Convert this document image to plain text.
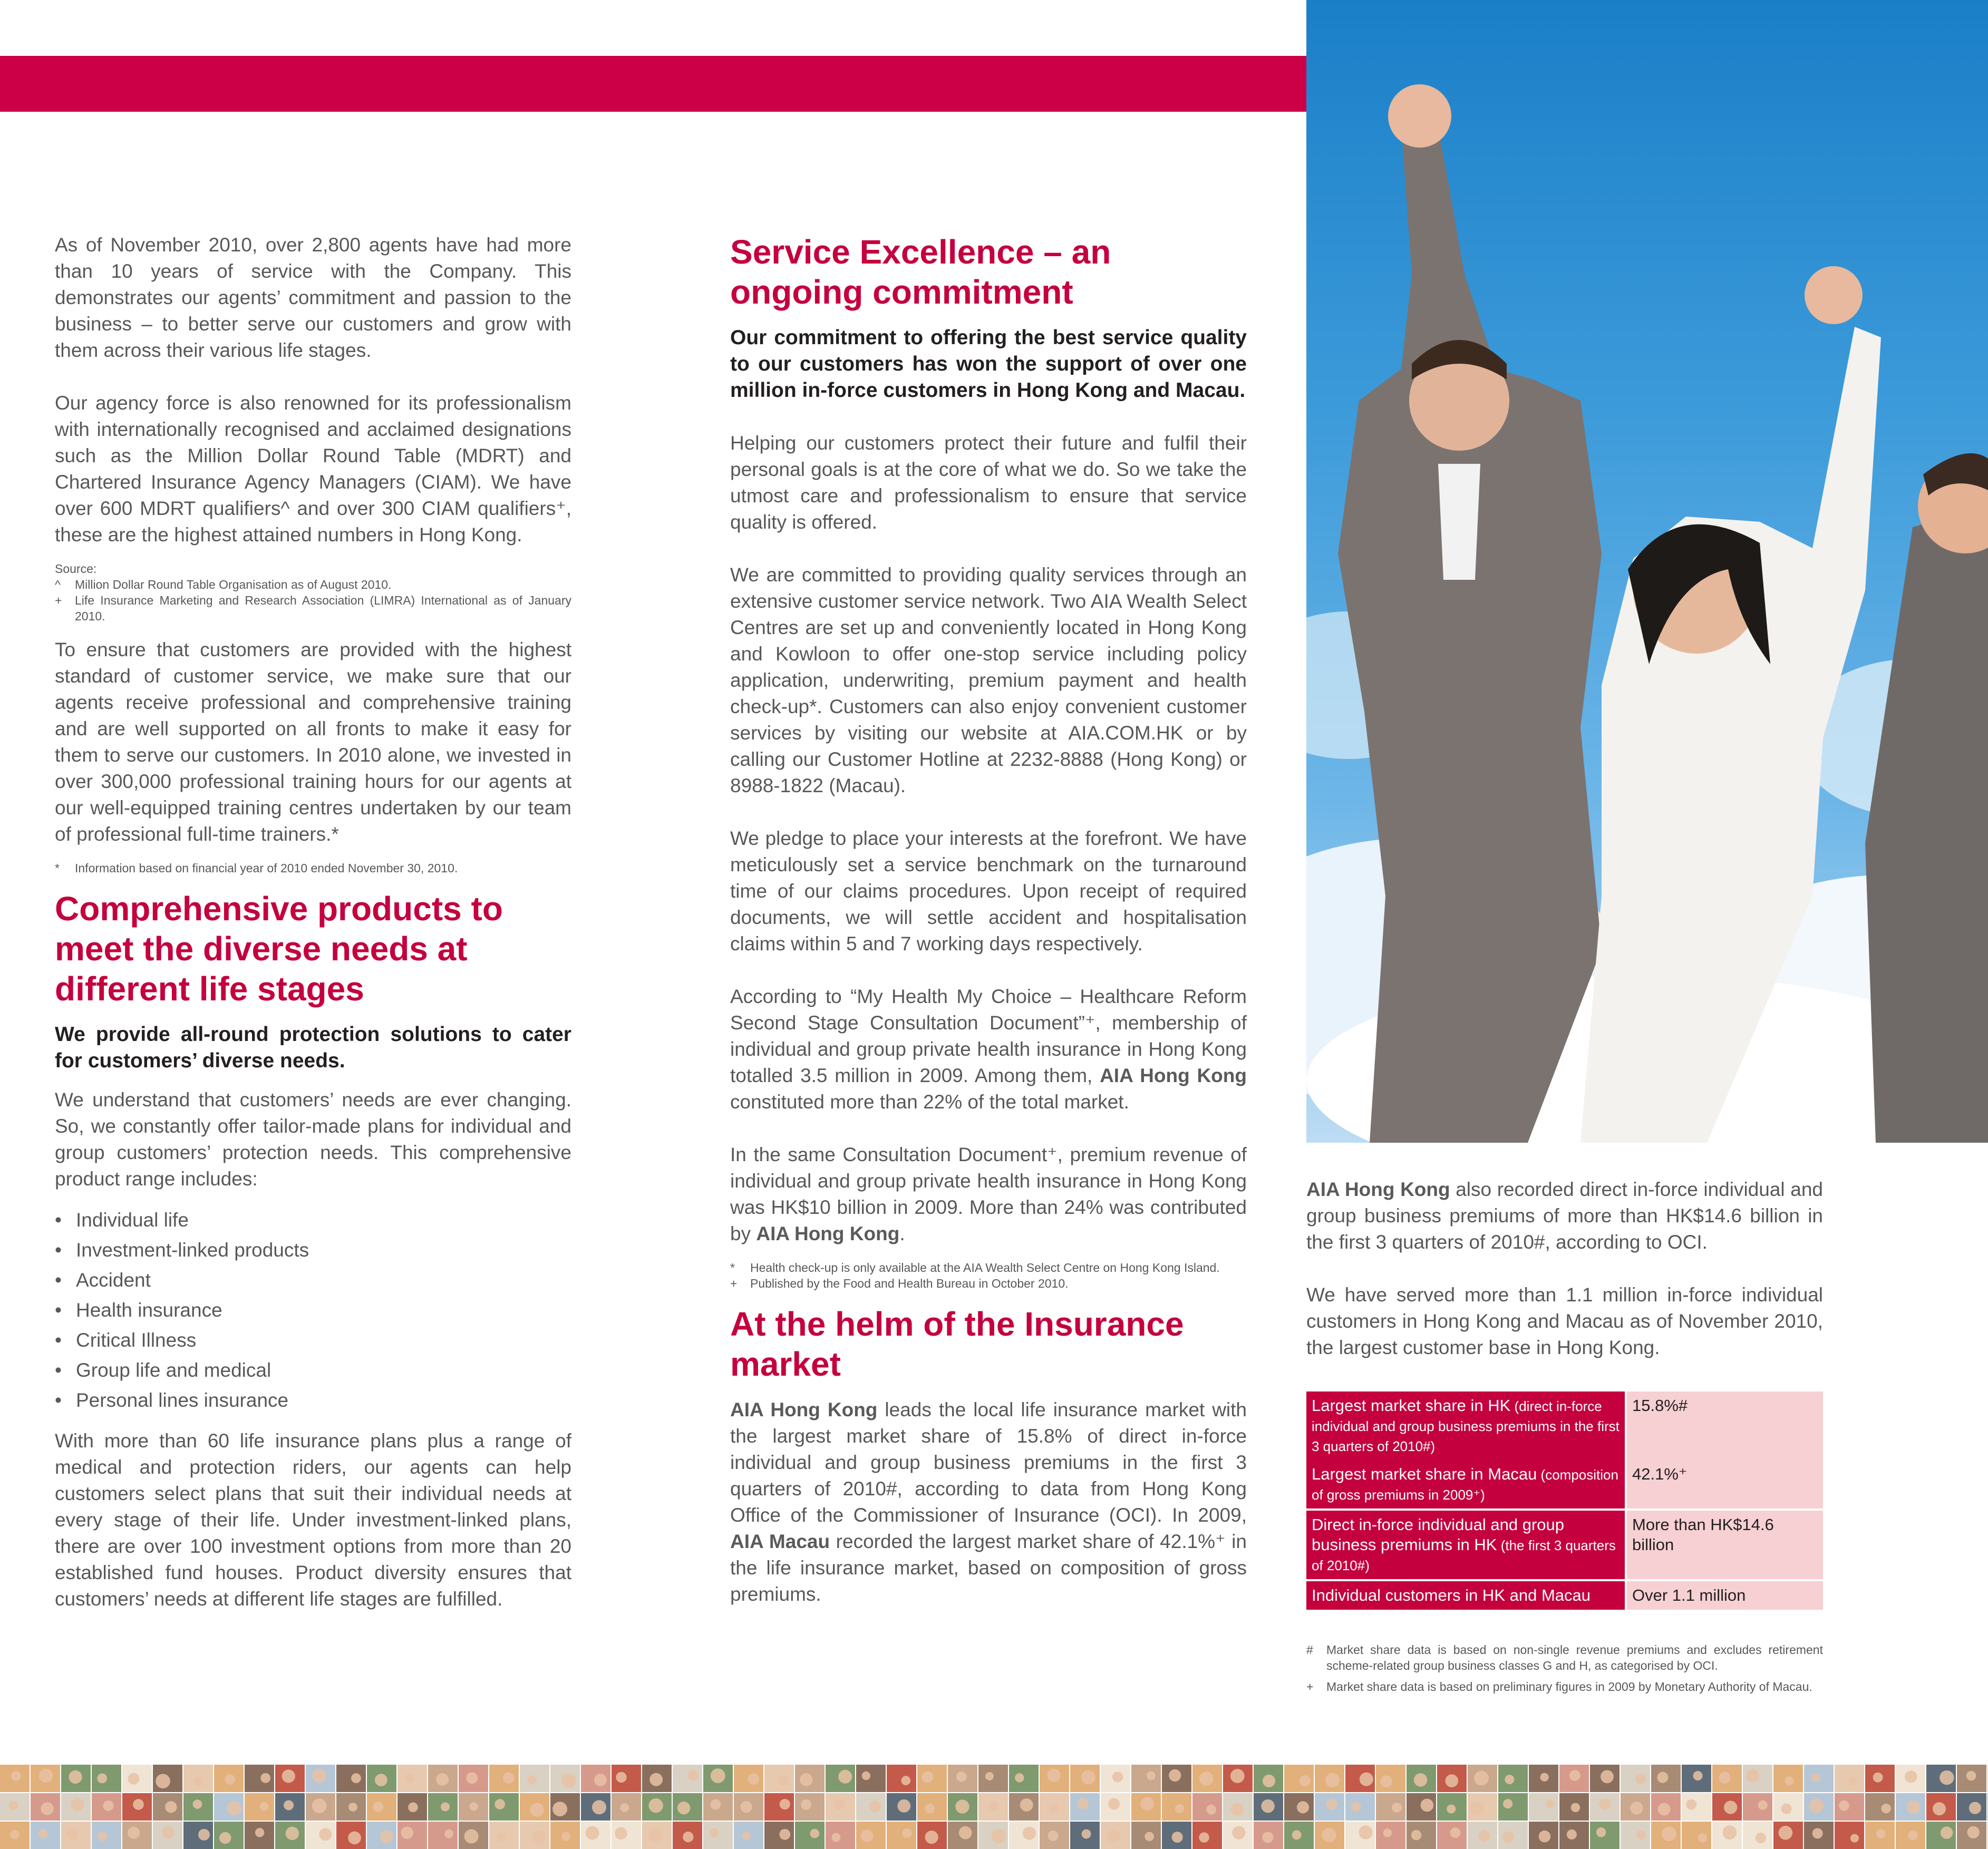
As of November 2010, over 2,800 agents have had more than 10 years of service with the Company. This demonstrates our agents’ commitment and passion to the business – to better serve our customers and grow with them across their various life stages.

Our agency force is also renowned for its professionalism with internationally recognised and acclaimed designations such as the Million Dollar Round Table (MDRT) and Chartered Insurance Agency Managers (CIAM). We have over 600 MDRT qualifiers^ and over 300 CIAM qualifiers⁺, these are the highest attained numbers in Hong Kong.

Source:
^	Million Dollar Round Table Organisation as of August 2010.
+	Life Insurance Marketing and Research Association (LIMRA) International as of January 2010.

To ensure that customers are provided with the highest standard of customer service, we make sure that our agents receive professional and comprehensive training and are well supported on all fronts to make it easy for them to serve our customers. In 2010 alone, we invested in over 300,000 professional training hours for our agents at our well-equipped training centres undertaken by our team of professional full-time trainers.*

*	Information based on financial year of 2010 ended November 30, 2010.
Comprehensive products to meet the diverse needs at different life stages

We provide all-round protection solutions to cater for customers’ diverse needs.

We understand that customers’ needs are ever changing. So, we constantly offer tailor-made plans for individual and group customers’ protection needs. This comprehensive product range includes:

• Individual life
• Investment-linked products
• Accident
• Health insurance
• Critical Illness
• Group life and medical
• Personal lines insurance

With more than 60 life insurance plans plus a range of medical and protection riders, our agents can help customers select plans that suit their individual needs at every stage of their life. Under investment-linked plans, there are over 100 investment options from more than 20 established fund houses. Product diversity ensures that customers’ needs at different life stages are fulfilled.

Service Excellence – an ongoing commitment

Our commitment to offering the best service quality to our customers has won the support of over one million in-force customers in Hong Kong and Macau.

Helping our customers protect their future and fulfil their personal goals is at the core of what we do. So we take the utmost care and professionalism to ensure that service quality is offered.

We are committed to providing quality services through an extensive customer service network. Two AIA Wealth Select Centres are set up and conveniently located in Hong Kong and Kowloon to offer one-stop service including policy application, underwriting, premium payment and health check-up*. Customers can also enjoy convenient customer services by visiting our website at AIA.COM.HK or by calling our Customer Hotline at 2232-8888 (Hong Kong) or 8988-1822 (Macau).

We pledge to place your interests at the forefront. We have meticulously set a service benchmark on the turnaround time of our claims procedures. Upon receipt of required documents, we will settle accident and hospitalisation claims within 5 and 7 working days respectively.

According to “My Health My Choice – Healthcare Reform Second Stage Consultation Document”⁺, membership of individual and group private health insurance in Hong Kong totalled 3.5 million in 2009. Among them, AIA Hong Kong constituted more than 22% of the total market.

In the same Consultation Document⁺, premium revenue of individual and group private health insurance in Hong Kong was HK$10 billion in 2009. More than 24% was contributed by AIA Hong Kong.

*	Health check-up is only available at the AIA Wealth Select Centre on Hong Kong Island.
+	Published by the Food and Health Bureau in October 2010.
At the helm of the Insurance market

AIA Hong Kong leads the local life insurance market with the largest market share of 15.8% of direct in-force individual and group business premiums in the first 3 quarters of 2010#, according to data from Hong Kong Office of the Commissioner of Insurance (OCI). In 2009, AIA Macau recorded the largest market share of 42.1%⁺ in the life insurance market, based on composition of gross premiums.

AIA Hong Kong also recorded direct in-force individual and group business premiums of more than HK$14.6 billion in the first 3 quarters of 2010#, according to OCI.

We have served more than 1.1 million in-force individual customers in Hong Kong and Macau as of November 2010, the largest customer base in Hong Kong.

Largest market share in HK (direct in-force individual and group business premiums in the first 3 quarters of 2010#)	15.8%#
Largest market share in Macau (composition of gross premiums in 2009⁺)	42.1%⁺
Direct in-force individual and group business premiums in HK (the first 3 quarters of 2010#)	More than HK$14.6 billion
Individual customers in HK and Macau	Over 1.1 million
#	Market share data is based on non-single revenue premiums and excludes retirement scheme-related group business classes G and H, as categorised by OCI.
+	Market share data is based on preliminary figures in 2009 by Monetary Authority of Macau.
